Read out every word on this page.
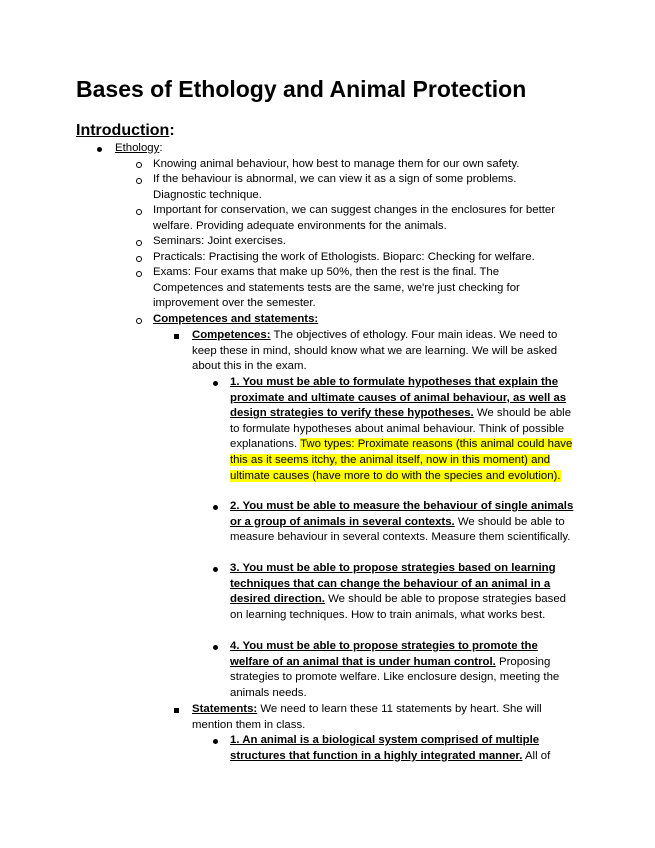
Bases of Ethology and Animal Protection
Introduction:
Ethology:
Knowing animal behaviour, how best to manage them for our own safety.
If the behaviour is abnormal, we can view it as a sign of some problems. Diagnostic technique.
Important for conservation, we can suggest changes in the enclosures for better welfare. Providing adequate environments for the animals.
Seminars: Joint exercises.
Practicals: Practising the work of Ethologists. Bioparc: Checking for welfare.
Exams: Four exams that make up 50%, then the rest is the final. The Competences and statements tests are the same, we're just checking for improvement over the semester.
Competences and statements:
Competences: The objectives of ethology. Four main ideas. We need to keep these in mind, should know what we are learning. We will be asked about this in the exam.
1. You must be able to formulate hypotheses that explain the proximate and ultimate causes of animal behaviour, as well as design strategies to verify these hypotheses. We should be able to formulate hypotheses about animal behaviour. Think of possible explanations. Two types: Proximate reasons (this animal could have this as it seems itchy, the animal itself, now in this moment) and ultimate causes (have more to do with the species and evolution).
2. You must be able to measure the behaviour of single animals or a group of animals in several contexts. We should be able to measure behaviour in several contexts. Measure them scientifically.
3. You must be able to propose strategies based on learning techniques that can change the behaviour of an animal in a desired direction. We should be able to propose strategies based on learning techniques. How to train animals, what works best.
4. You must be able to propose strategies to promote the welfare of an animal that is under human control. Proposing strategies to promote welfare. Like enclosure design, meeting the animals needs.
Statements: We need to learn these 11 statements by heart. She will mention them in class.
1. An animal is a biological system comprised of multiple structures that function in a highly integrated manner. All of
